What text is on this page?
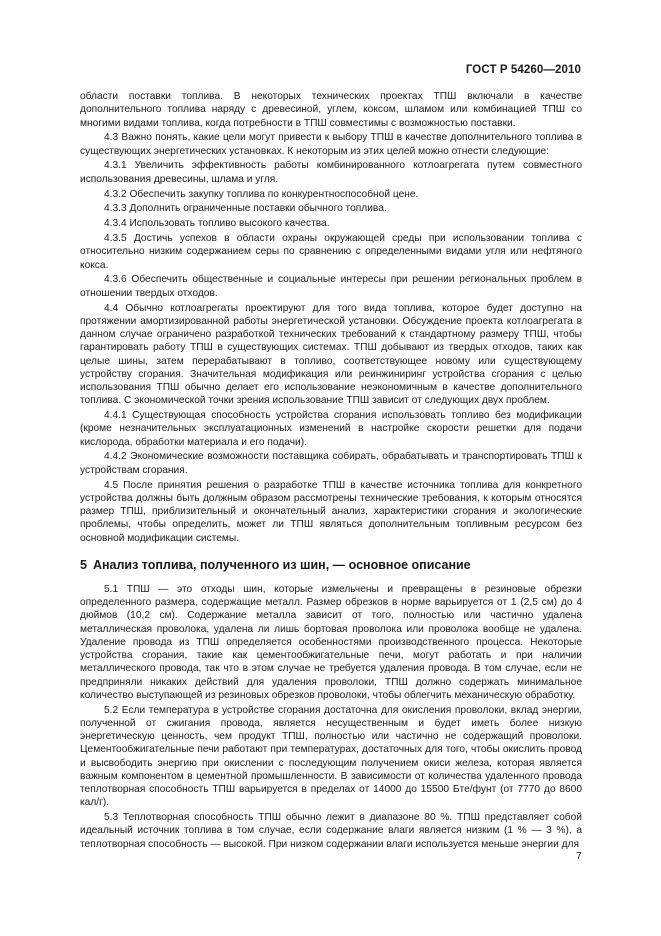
ГОСТ Р 54260—2010

области поставки топлива. В некоторых технических проектах ТПШ включали в качестве дополнительного топлива наряду с древесиной, углем, коксом, шламом или комбинацией ТПШ со многими видами топлива, когда потребности в ТПШ совместимы с возможностью поставки.

4.3 Важно понять, какие цели могут привести к выбору ТПШ в качестве дополнительного топлива в существующих энергетических установках. К некоторым из этих целей можно отнести следующие:

4.3.1 Увеличить эффективность работы комбинированного котлоагрегата путем совместного использования древесины, шлама и угля.

4.3.2 Обеспечить закупку топлива по конкурентноспособной цене.

4.3.3 Дополнить ограниченные поставки обычного топлива.

4.3.4 Использовать топливо высокого качества.

4.3.5 Достичь успехов в области охраны окружающей среды при использовании топлива с относительно низким содержанием серы по сравнению с определенными видами угля или нефтяного кокса.

4.3.6 Обеспечить общественные и социальные интересы при решении региональных проблем в отношении твердых отходов.

4.4 Обычно котлоагрегаты проектируют для того вида топлива, которое будет доступно на протяжении амортизированной работы энергетической установки. Обсуждение проекта котлоагрегата в данном случае ограничено разработкой технических требований к стандартному размеру ТПШ, чтобы гарантировать работу ТПШ в существующих системах. ТПШ добывают из твердых отходов, таких как целые шины, затем перерабатывают в топливо, соответствующее новому или существующему устройству сгорания. Значительная модификация или реинжиниринг устройства сгорания с целью использования ТПШ обычно делает его использование неэкономичным в качестве дополнительного топлива. С экономической точки зрения использование ТПШ зависит от следующих двух проблем.

4.4.1 Существующая способность устройства сгорания использовать топливо без модификации (кроме незначительных эксплуатационных изменений в настройке скорости решетки для подачи кислорода, обработки материала и его подачи).

4.4.2 Экономические возможности поставщика собирать, обрабатывать и транспортировать ТПШ к устройствам сгорания.

4.5 После принятия решения о разработке ТПШ в качестве источника топлива для конкретного устройства должны быть должным образом рассмотрены технические требования, к которым относятся размер ТПШ, приблизительный и окончательный анализ, характеристики сгорания и экологические проблемы, чтобы определить, может ли ТПШ являться дополнительным топливным ресурсом без основной модификации системы.

5 Анализ топлива, полученного из шин, — основное описание

5.1 ТПШ — это отходы шин, которые измельчены и превращены в резиновые обрезки определенного размера, содержащие металл. Размер обрезков в норме варьируется от 1 (2,5 см) до 4 дюймов (10,2 см). Содержание металла зависит от того, полностью или частично удалена металлическая проволока, удалена ли лишь бортовая проволока или проволока вообще не удалена. Удаление провода из ТПШ определяется особенностями производственного процесса. Некоторые устройства сгорания, такие как цементообжигательные печи, могут работать и при наличии металлического провода, так что в этом случае не требуется удаления провода. В том случае, если не предприняли никаких действий для удаления проволоки, ТПШ должно содержать минимальное количество выступающей из резиновых обрезков проволоки, чтобы облегчить механическую обработку.

5.2 Если температура в устройстве сгорания достаточна для окисления проволоки, вклад энергии, полученной от сжигания провода, является несущественным и будет иметь более низкую энергетическую ценность, чем продукт ТПШ, полностью или частично не содержащий проволоки. Цементообжигательные печи работают при температурах, достаточных для того, чтобы окислить провод и высвободить энергию при окислении с последующим получением окиси железа, которая является важным компонентом в цементной промышленности. В зависимости от количества удаленного провода теплотворная способность ТПШ варьируется в пределах от 14000 до 15500 Бте/фунт (от 7770 до 8600 кал/г).

5.3 Теплотворная способность ТПШ обычно лежит в диапазоне 80 %. ТПШ представляет собой идеальный источник топлива в том случае, если содержание влаги является низким (1 % — 3 %), а теплотворная способность — высокой. При низком содержании влаги используется меньше энергии для

7
